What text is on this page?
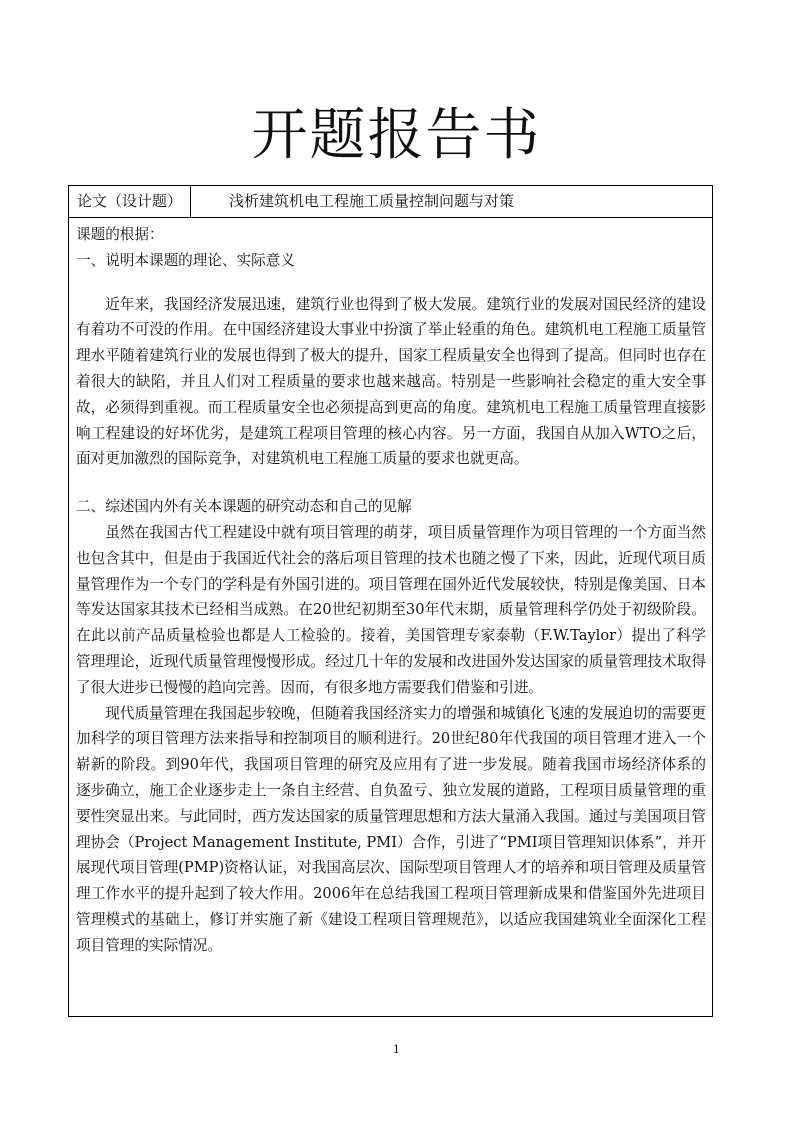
开题报告书
论文（设计题）	浅析建筑机电工程施工质量控制问题与对策

课题的根据：

一、说明本课题的理论、实际意义

近年来，我国经济发展迅速，建筑行业也得到了极大发展。建筑行业的发展对国民经济的建设有着功不可没的作用。在中国经济建设大事业中扮演了举止轻重的角色。建筑机电工程施工质量管理水平随着建筑行业的发展也得到了极大的提升，国家工程质量安全也得到了提高。但同时也存在着很大的缺陷，并且人们对工程质量的要求也越来越高。特别是一些影响社会稳定的重大安全事故，必须得到重视。而工程质量安全也必须提高到更高的角度。建筑机电工程施工质量管理直接影响工程建设的好坏优劣，是建筑工程项目管理的核心内容。另一方面，我国自从加入WTO之后，面对更加激烈的国际竞争，对建筑机电工程施工质量的要求也就更高。

二、综述国内外有关本课题的研究动态和自己的见解

虽然在我国古代工程建设中就有项目管理的萌芽，项目质量管理作为项目管理的一个方面当然也包含其中，但是由于我国近代社会的落后项目管理的技术也随之慢了下来，因此，近现代项目质量管理作为一个专门的学科是有外国引进的。项目管理在国外近代发展较快，特别是像美国、日本等发达国家其技术已经相当成熟。在20世纪初期至30年代末期，质量管理科学仍处于初级阶段。在此以前产品质量检验也都是人工检验的。接着，美国管理专家泰勒（F.W.Taylor）提出了科学管理理论，近现代质量管理慢慢形成。经过几十年的发展和改进国外发达国家的质量管理技术取得了很大进步已慢慢的趋向完善。因而，有很多地方需要我们借鉴和引进。

现代质量管理在我国起步较晚，但随着我国经济实力的增强和城镇化飞速的发展迫切的需要更加科学的项目管理方法来指导和控制项目的顺利进行。20世纪80年代我国的项目管理才进入一个崭新的阶段。到90年代，我国项目管理的研究及应用有了进一步发展。随着我国市场经济体系的逐步确立，施工企业逐步走上一条自主经营、自负盈亏、独立发展的道路，工程项目质量管理的重要性突显出来。与此同时，西方发达国家的质量管理思想和方法大量涌入我国。通过与美国项目管理协会（Project Management Institute, PMI）合作，引进了“PMI项目管理知识体系”，并开展现代项目管理(PMP)资格认证，对我国高层次、国际型项目管理人才的培养和项目管理及质量管理工作水平的提升起到了较大作用。2006年在总结我国工程项目管理新成果和借鉴国外先进项目管理模式的基础上，修订并实施了新《建设工程项目管理规范》，以适应我国建筑业全面深化工程项目管理的实际情况。

1
